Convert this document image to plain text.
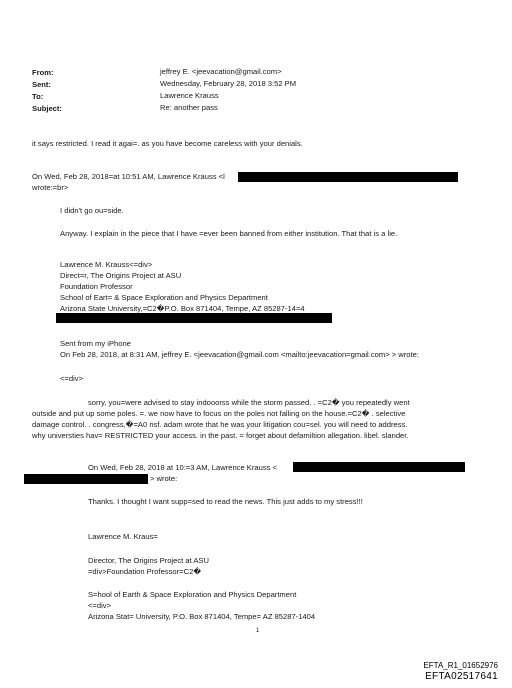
From:	jeffrey E. <jeevacation@gmail.com>
Sent:	Wednesday, February 28, 2018 3:52 PM
To:	Lawrence Krauss
Subject:	Re: another pass
it says restricted. I read it agai=. as you have become careless with your denials.
On Wed, Feb 28, 2018=at 10:51 AM, Lawrence Krauss <l
wrote:=br>
I didn't go ou=side.
Anyway. I explain in the piece that I have =ever been banned from either institution. That that is a lie.
Lawrence M. Krauss<=div>
Direct=r, The Origins Project at ASU
Foundation Professor
School of Eart= & Space Exploration and Physics Department
Arizona State University,=C2�P.O. Box 871404, Tempe, AZ 85287-14=4
Sent from my iPhone
On Feb 28, 2018, at 8:31 AM, jeffrey E. <jeevacation@gmail.com <mailto:jeevacation=gmail.com> > wrote:
<=div>
sorry, you=were advised to stay indooorss while the storm passed. . =C2� you repeatedly went
outside and put up some poles. =. we now have to focus on the poles not falling on the house.=C2� . selective
damage control. . congress,�=A0 nsf. adam wrote that he was your litigation cou=sel. you will need to address.
why universties hav= RESTRICTED your access. in the past. = forget about defamiltion allegation. libel. slander.
On Wed, Feb 28, 2018 at 10:=3 AM, Lawrence Krauss <
> wrote:
Thanks. I thought I want supp=sed to read the news. This just adds to my stress!!!
Lawrence M. Kraus=
Director, The Origins Project at ASU
=div>Foundation Professor=C2�
S=hool of Earth & Space Exploration and Physics Department
<=div>
Arizona Stat= University, P.O. Box 871404, Tempe= AZ 85287-1404
1
EFTA_R1_01652976
EFTA02517641
